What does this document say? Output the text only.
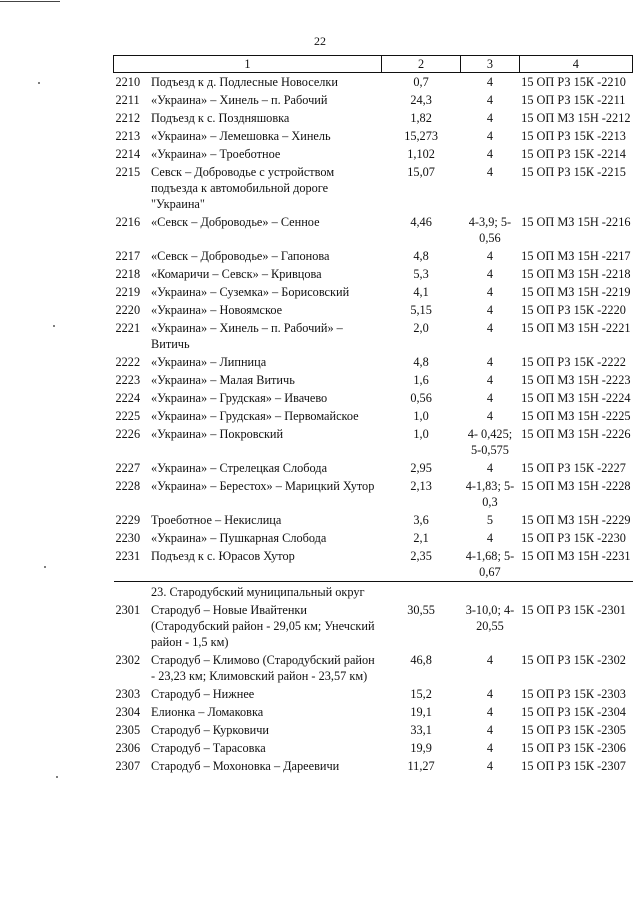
22
1		2	3	4
2210	Подъезд к д. Подлесные Новоселки	0,7	4	15 ОП РЗ 15К -2210
2211	«Украина» – Хинель – п. Рабочий	24,3	4	15 ОП РЗ 15К -2211
2212	Подъезд к с. Поздняшовка	1,82	4	15 ОП МЗ 15Н -2212
2213	«Украина» – Лемешовка – Хинель	15,273	4	15 ОП РЗ 15К -2213
2214	«Украина» – Троеботное	1,102	4	15 ОП РЗ 15К -2214
2215	Севск – Доброводье с устройством подъезда к автомобильной дороге "Украина"	15,07	4	15 ОП РЗ 15К -2215
2216	«Севск – Доброводье» – Сенное	4,46	4-3,9; 5-0,56	15 ОП МЗ 15Н -2216
2217	«Севск – Доброводье» – Гапонова	4,8	4	15 ОП МЗ 15Н -2217
2218	«Комаричи – Севск» – Кривцова	5,3	4	15 ОП МЗ 15Н -2218
2219	«Украина» – Суземка» – Борисовский	4,1	4	15 ОП МЗ 15Н -2219
2220	«Украина» – Новоямское	5,15	4	15 ОП РЗ 15К -2220
2221	«Украина» – Хинель – п. Рабочий» – Витичь	2,0	4	15 ОП МЗ 15Н -2221
2222	«Украина» – Липница	4,8	4	15 ОП РЗ 15К -2222
2223	«Украина» – Малая Витичь	1,6	4	15 ОП МЗ 15Н -2223
2224	«Украина» – Грудская» – Ивачево	0,56	4	15 ОП МЗ 15Н -2224
2225	«Украина» – Грудская» – Первомайское	1,0	4	15 ОП МЗ 15Н -2225
2226	«Украина» – Покровский	1,0	4- 0,425; 5-0,575	15 ОП МЗ 15Н -2226
2227	«Украина» – Стрелецкая Слобода	2,95	4	15 ОП РЗ 15К -2227
2228	«Украина» – Берестох» – Марицкий Хутор	2,13	4-1,83; 5-0,3	15 ОП МЗ 15Н -2228
2229	Троеботное – Некислица	3,6	5	15 ОП МЗ 15Н -2229
2230	«Украина» – Пушкарная Слобода	2,1	4	15 ОП РЗ 15К -2230
2231	Подъезд к с. Юрасов Хутор	2,35	4-1,68; 5-0,67	15 ОП МЗ 15Н -2231
	23. Стародубский муниципальный округ			
2301	Стародуб – Новые Ивайтенки (Стародубский район - 29,05 км; Унечский район - 1,5 км)	30,55	3-10,0; 4-20,55	15 ОП РЗ 15К -2301
2302	Стародуб – Климово (Стародубский район - 23,23 км; Климовский район - 23,57 км)	46,8	4	15 ОП РЗ 15К -2302
2303	Стародуб – Нижнее	15,2	4	15 ОП РЗ 15К -2303
2304	Елионка – Ломаковка	19,1	4	15 ОП РЗ 15К -2304
2305	Стародуб – Курковичи	33,1	4	15 ОП РЗ 15К -2305
2306	Стародуб – Тарасовка	19,9	4	15 ОП РЗ 15К -2306
2307	Стародуб – Мохоновка – Дареевичи	11,27	4	15 ОП РЗ 15К -2307
